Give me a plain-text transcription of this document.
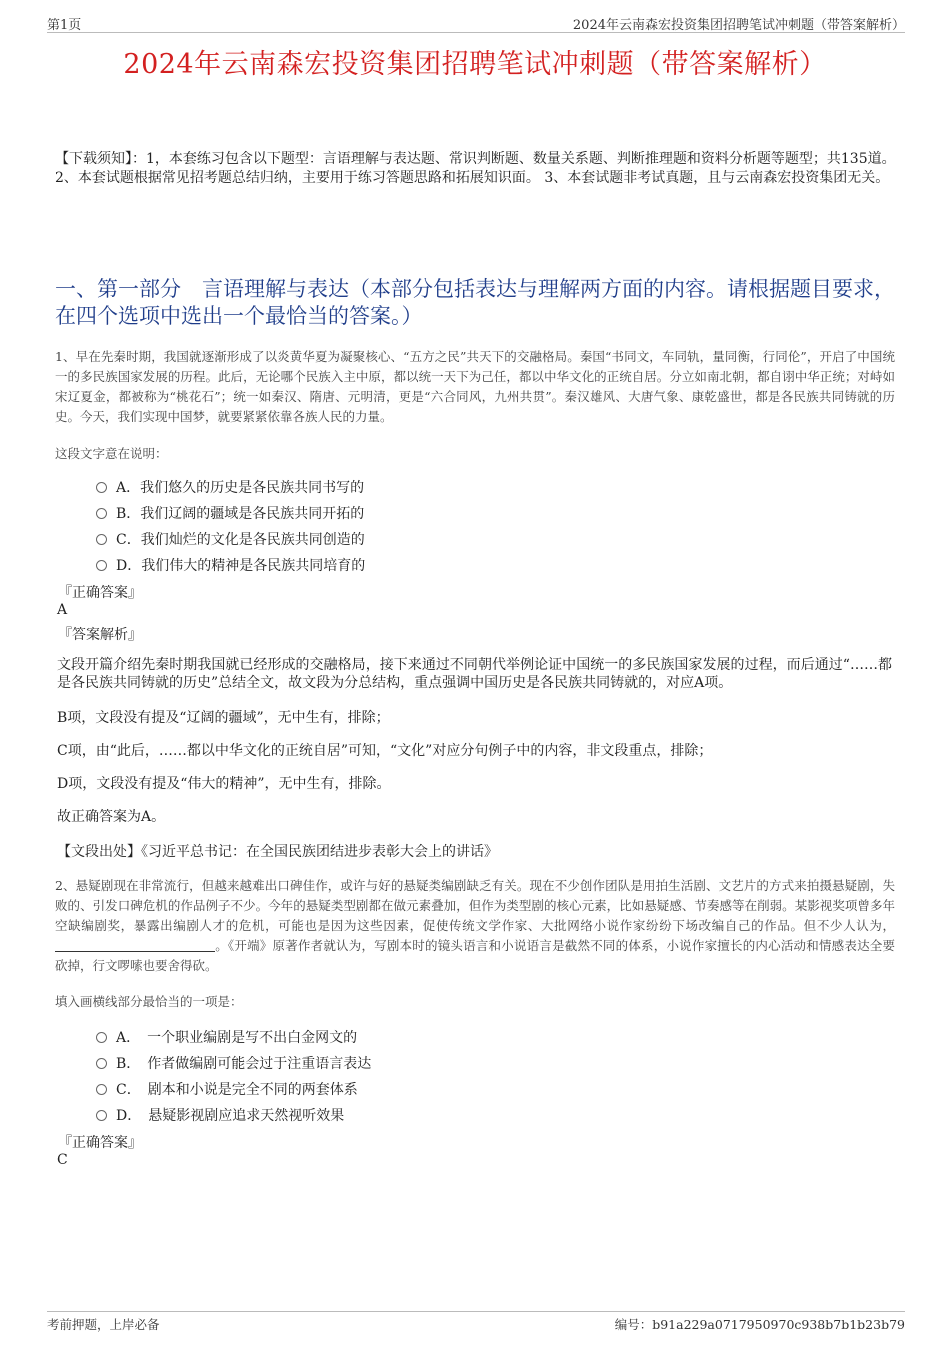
第1页	2024年云南森宏投资集团招聘笔试冲刺题（带答案解析）
2024年云南森宏投资集团招聘笔试冲刺题（带答案解析）
【下载须知】：1，本套练习包含以下题型：言语理解与表达题、常识判断题、数量关系题、判断推理题和资料分析题等题型；共135道。 2、本套试题根据常见招考题总结归纳，主要用于练习答题思路和拓展知识面。 3、本套试题非考试真题，且与云南森宏投资集团无关。
一、第一部分　言语理解与表达（本部分包括表达与理解两方面的内容。请根据题目要求，在四个选项中选出一个最恰当的答案。）
1、早在先秦时期，我国就逐渐形成了以炎黄华夏为凝聚核心、“五方之民”共天下的交融格局。秦国“书同文，车同轨，量同衡，行同伦”，开启了中国统一的多民族国家发展的历程。此后，无论哪个民族入主中原，都以统一天下为己任，都以中华文化的正统自居。分立如南北朝，都自诩中华正统；对峙如宋辽夏金，都被称为“桃花石”；统一如秦汉、隋唐、元明清，更是“六合同风，九州共贯”。秦汉雄风、大唐气象、康乾盛世，都是各民族共同铸就的历史。今天，我们实现中国梦，就要紧紧依靠各族人民的力量。
这段文字意在说明：
A．我们悠久的历史是各民族共同书写的
B．我们辽阔的疆域是各民族共同开拓的
C．我们灿烂的文化是各民族共同创造的
D．我们伟大的精神是各民族共同培育的
『正确答案』
A
『答案解析』
文段开篇介绍先秦时期我国就已经形成的交融格局，接下来通过不同朝代举例论证中国统一的多民族国家发展的过程，而后通过“……都是各民族共同铸就的历史”总结全文，故文段为分总结构，重点强调中国历史是各民族共同铸就的，对应A项。
B项，文段没有提及“辽阔的疆域”，无中生有，排除；
C项，由“此后，……都以中华文化的正统自居”可知，“文化”对应分句例子中的内容，非文段重点，排除；
D项，文段没有提及“伟大的精神”，无中生有，排除。
故正确答案为A。
【文段出处】《习近平总书记：在全国民族团结进步表彰大会上的讲话》
2、悬疑剧现在非常流行，但越来越难出口碑佳作，或许与好的悬疑类编剧缺乏有关。现在不少创作团队是用拍生活剧、文艺片的方式来拍摄悬疑剧，失败的、引发口碑危机的作品例子不少。今年的悬疑类型剧都在做元素叠加，但作为类型剧的核心元素，比如悬疑感、节奏感等在削弱。某影视奖项曾多年空缺编剧奖，暴露出编剧人才的危机，可能也是因为这些因素，促使传统文学作家、大批网络小说作家纷纷下场改编自己的作品。但不少人认为，。《开端》原著作者就认为，写剧本时的镜头语言和小说语言是截然不同的体系，小说作家擅长的内心活动和情感表达全要砍掉，行文啰嗦也要舍得砍。
填入画横线部分最恰当的一项是：
A．　一个职业编剧是写不出白金网文的
B．　作者做编剧可能会过于注重语言表达
C．　剧本和小说是完全不同的两套体系
D．　悬疑影视剧应追求天然视听效果
『正确答案』
C
考前押题，上岸必备	编号：b91a229a0717950970c938b7b1b23b79
